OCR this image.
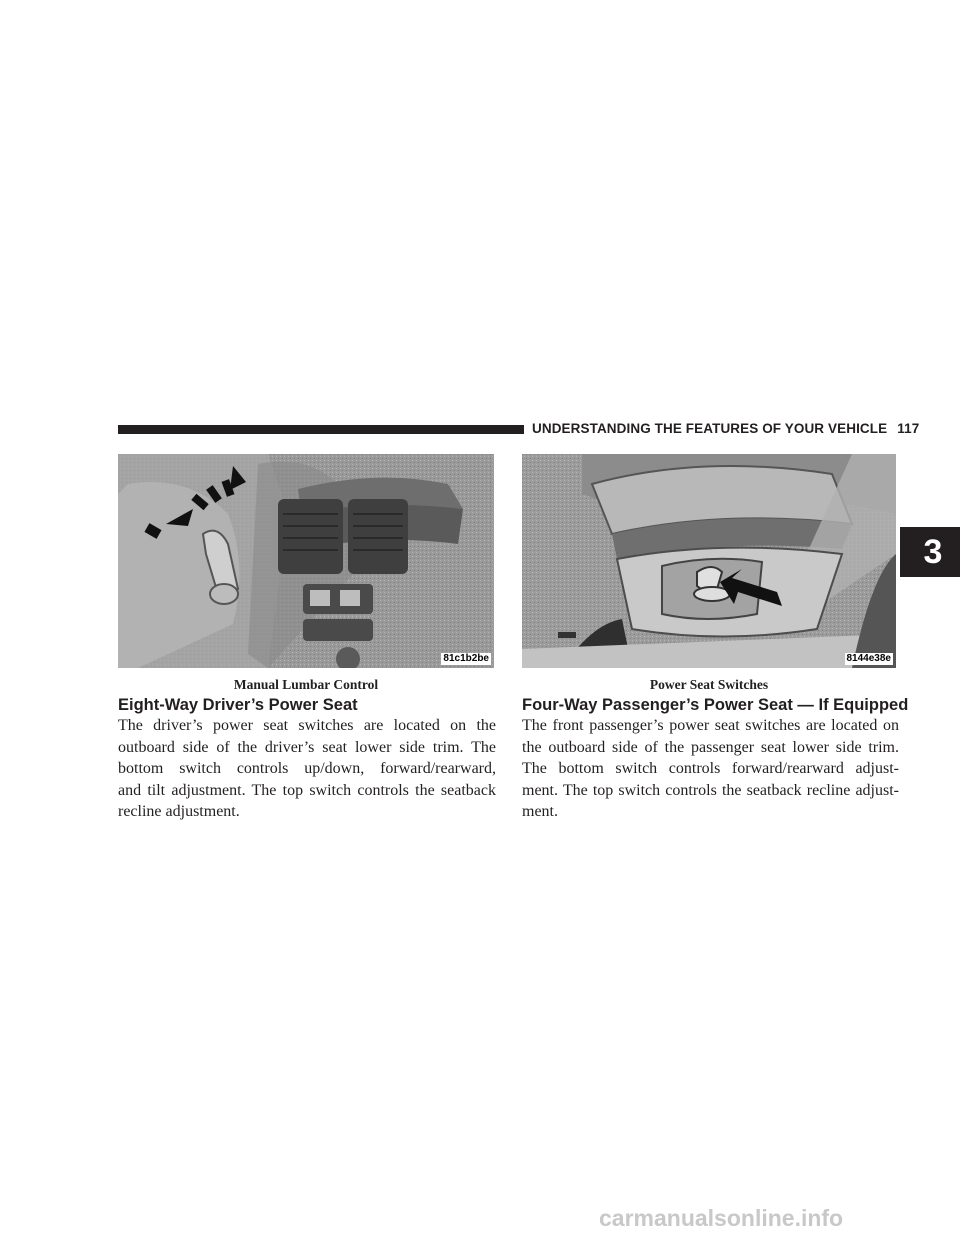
UNDERSTANDING THE FEATURES OF YOUR VEHICLE 117
3
81c1b2be
Manual Lumbar Control
8144e38e
Power Seat Switches
Eight-Way Driver’s Power Seat

The driver’s power seat switches are located on the
outboard side of the driver’s seat lower side trim. The
bottom switch controls up/down, forward/rearward,
and tilt adjustment. The top switch controls the seatback
recline adjustment.

Four-Way Passenger’s Power Seat — If Equipped

The front passenger’s power seat switches are located on
the outboard side of the passenger seat lower side trim.
The bottom switch controls forward/rearward adjust-
ment. The top switch controls the seatback recline adjust-
ment.

carmanualsonline.info
